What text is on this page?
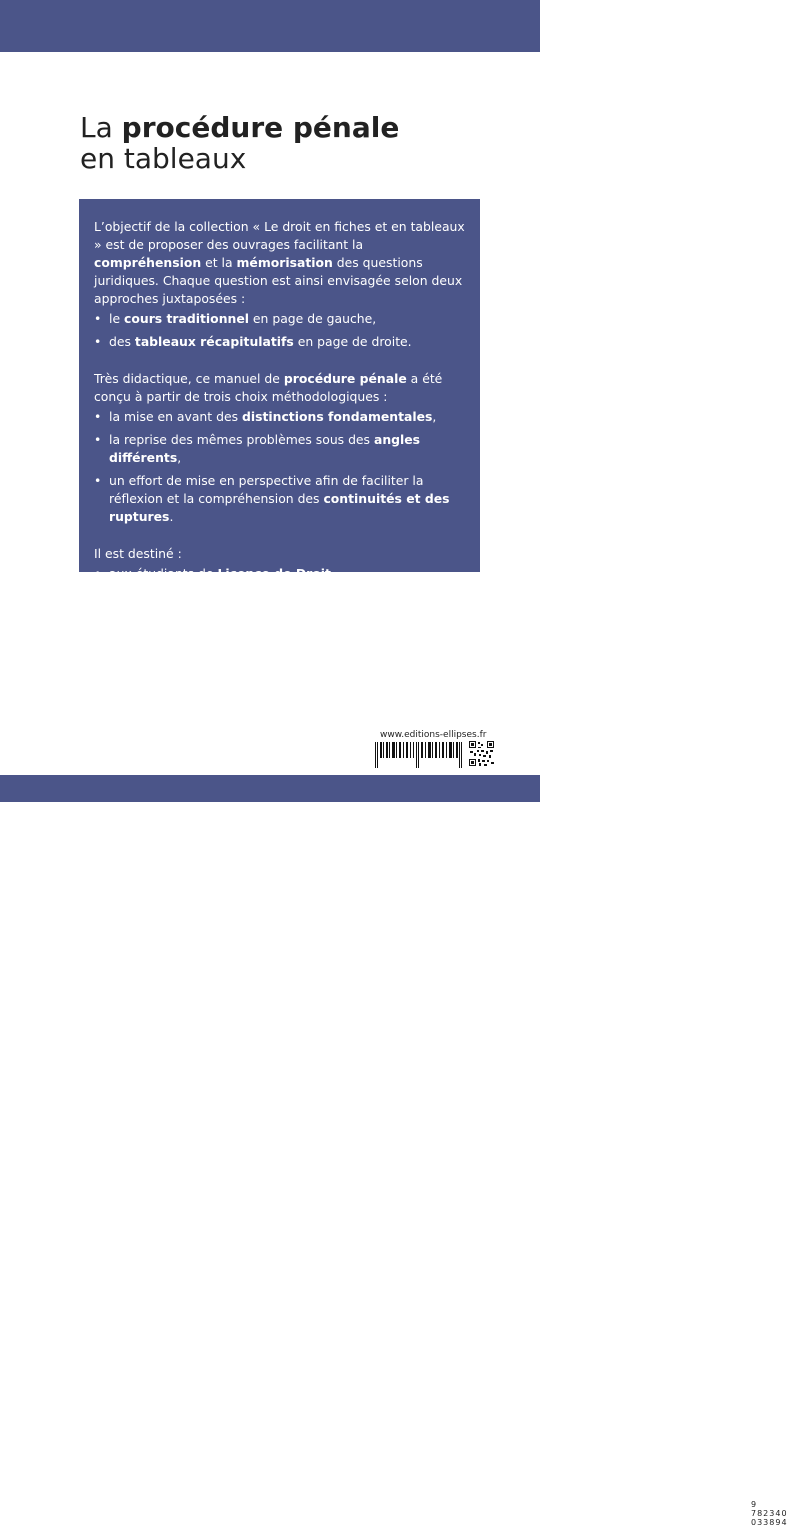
La procédure pénale
en tableaux

L’objectif de la collection « Le droit en fiches et en tableaux » est de proposer des ouvrages facilitant la compréhension et la mémorisation des questions juridiques. Chaque question est ainsi envisagée selon deux approches juxtaposées :

• le cours traditionnel en page de gauche,
• des tableaux récapitulatifs en page de droite.

Très didactique, ce manuel de procédure pénale a été conçu à partir de trois choix méthodologiques :

• la mise en avant des distinctions fondamentales,
• la reprise des mêmes problèmes sous des angles différents,
• un effort de mise en perspective afin de faciliter la réflexion et la compréhension des continuités et des ruptures.

Il est destiné :

• aux étudiants de Licence de Droit,
• aux étudiants des Instituts d’études politiques,
• aux candidats à l’examen d’entrée au CRFPA,
• aux candidats aux concours administratifs.
www.editions-ellipses.fr
9 782340 033894
